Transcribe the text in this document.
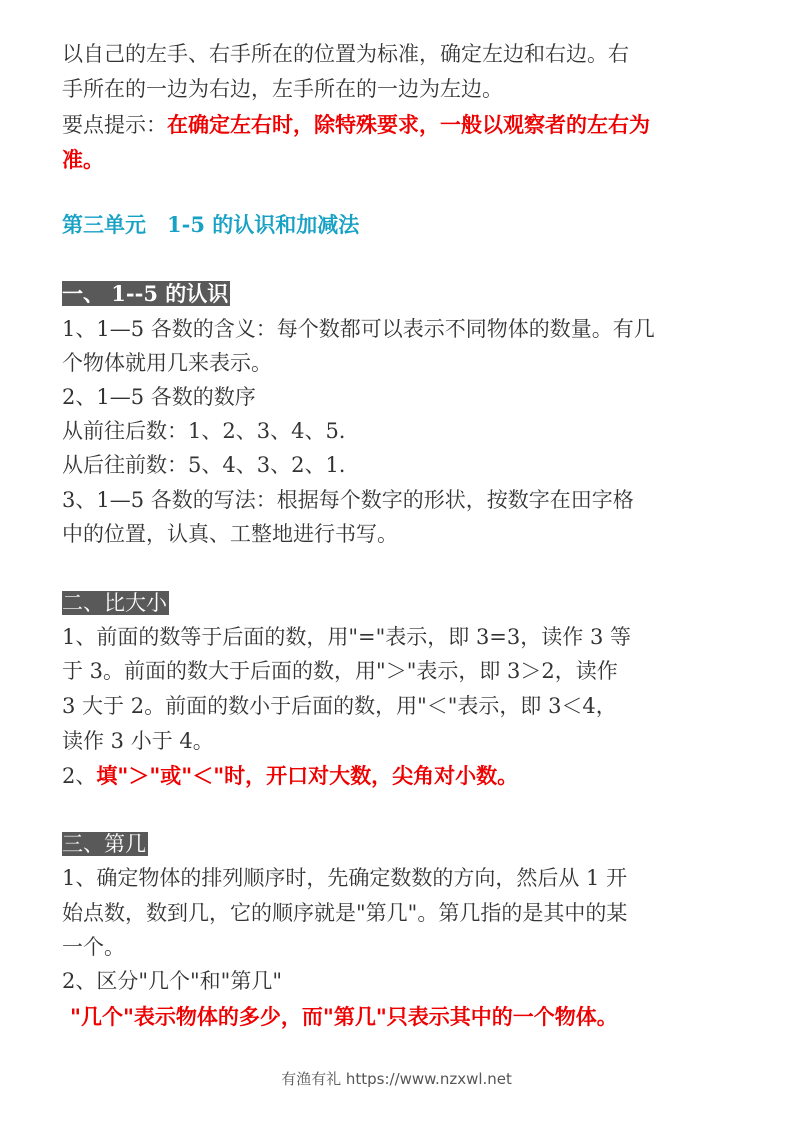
以自己的左手、右手所在的位置为标准，确定左边和右边。右
手所在的一边为右边，左手所在的一边为左边。
要点提示：在确定左右时，除特殊要求，一般以观察者的左右为
准。
第三单元　1-5 的认识和加减法
一、 1--5 的认识
1、1—5 各数的含义：每个数都可以表示不同物体的数量。有几
个物体就用几来表示。
2、1—5 各数的数序
从前往后数：1、2、3、4、5.
从后往前数：5、4、3、2、1.
3、1—5 各数的写法：根据每个数字的形状，按数字在田字格
中的位置，认真、工整地进行书写。
二、比大小
1、前面的数等于后面的数，用"="表示，即 3=3，读作 3 等
于 3。前面的数大于后面的数，用"＞"表示，即 3＞2，读作
3 大于 2。前面的数小于后面的数，用"＜"表示，即 3＜4，
读作 3 小于 4。
2、填"＞"或"＜"时，开口对大数，尖角对小数。
三、第几
1、确定物体的排列顺序时，先确定数数的方向，然后从 1 开
始点数，数到几，它的顺序就是"第几"。第几指的是其中的某
一个。
2、区分"几个"和"第几"
"几个"表示物体的多少，而"第几"只表示其中的一个物体。
有渔有礼 https://www.nzxwl.net
